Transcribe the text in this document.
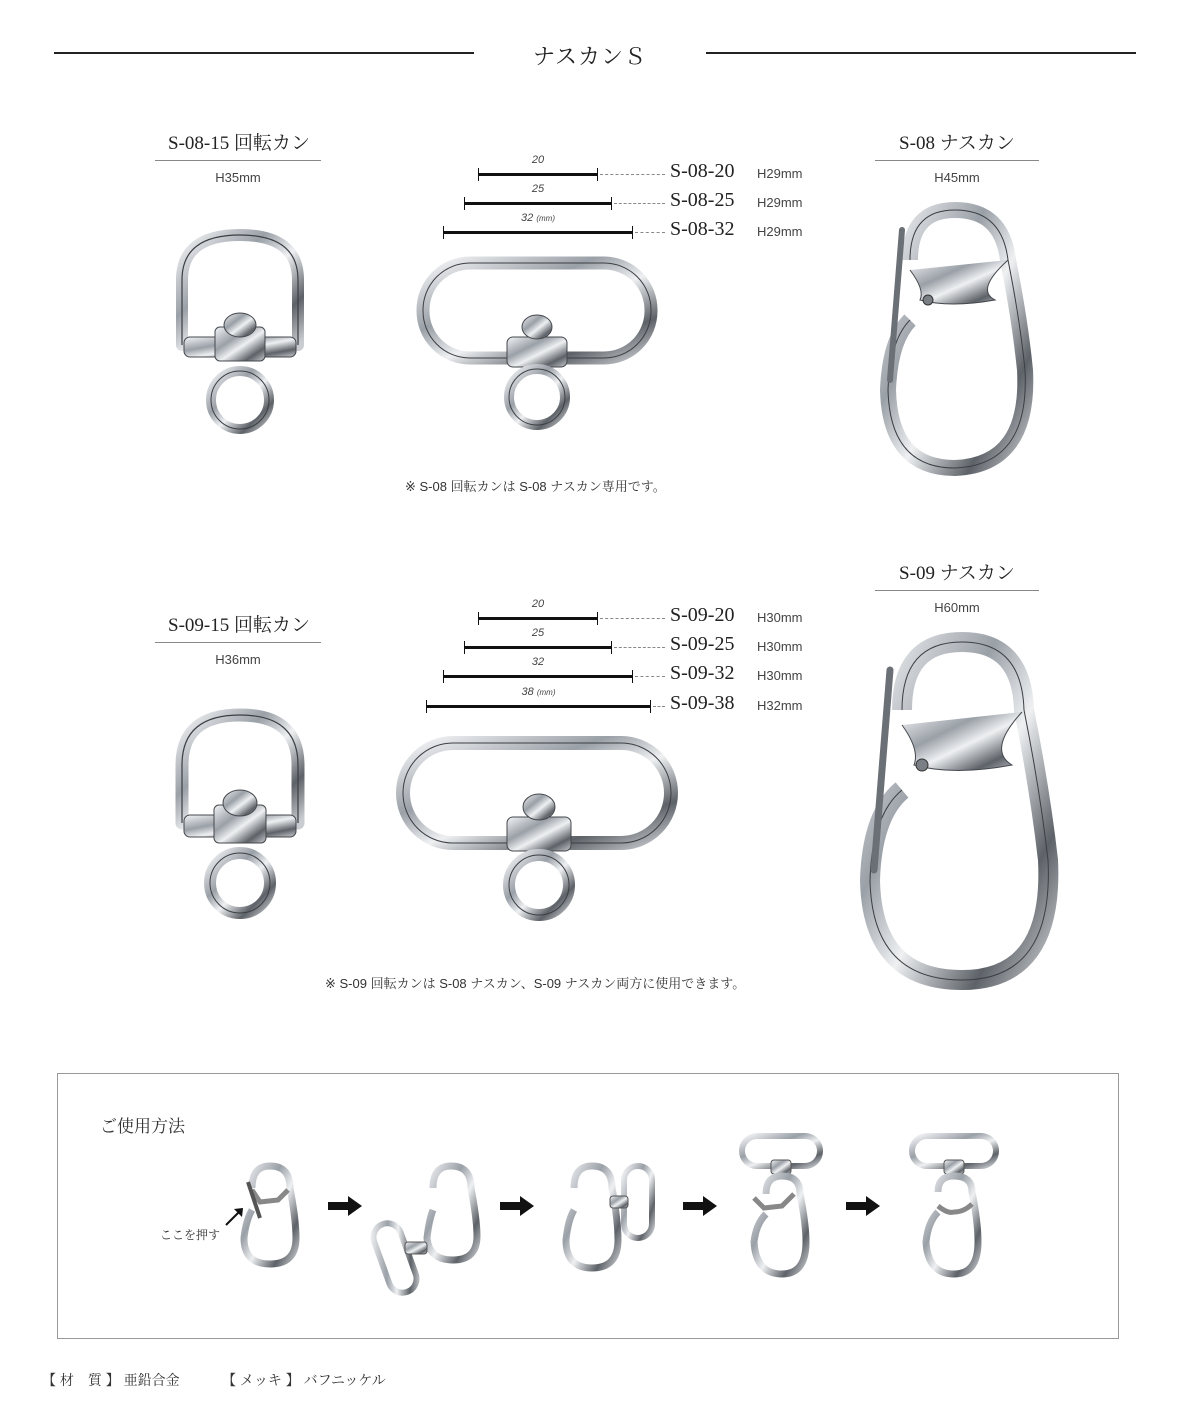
ナスカンＳ
S-08-15 回転カン
H35mm
20	S-08-20 H29mm
25	S-08-25 H29mm
32 (mm)	S-08-32 H29mm
※ S-08 回転カンは S-08 ナスカン専用です。
S-08 ナスカン
H45mm
S-09-15 回転カン
H36mm
20	S-09-20 H30mm
25	S-09-25 H30mm
32	S-09-32 H30mm
38 (mm)	S-09-38 H32mm
※ S-09 回転カンは S-08 ナスカン、S-09 ナスカン両方に使用できます。
S-09 ナスカン
H60mm
ご使用方法
ここを押す
【 材　質 】 亜鉛合金	【 メッキ 】 バフニッケル
